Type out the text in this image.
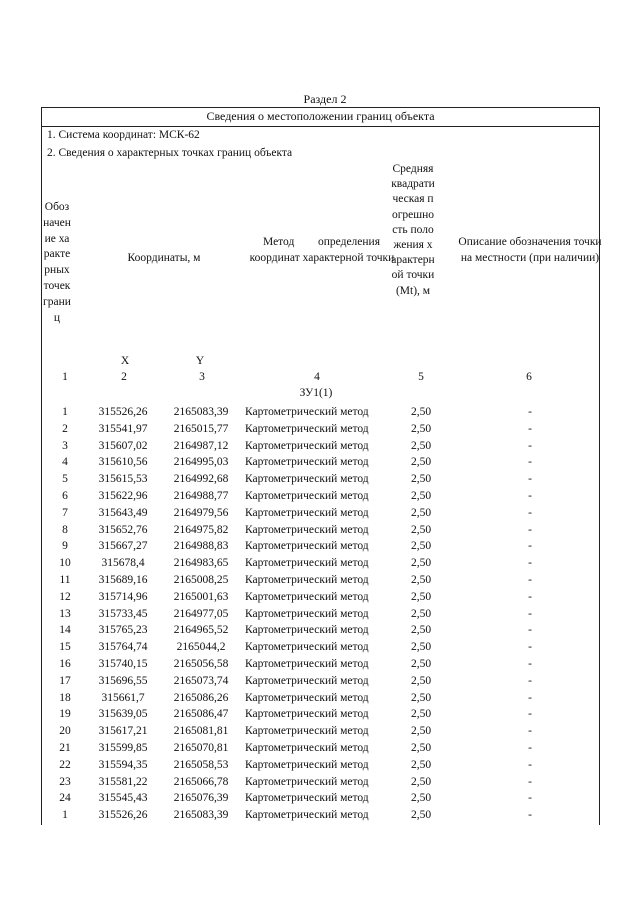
Раздел 2
Сведения о местоположении границ объекта
1. Система координат: МСК-62
2. Сведения о характерных точках границ объекта
Обозначение характерных точек границ
Координаты, м
Метод определения
координат характерной точки
Средняя квадратическая погрешность положения характерной точки (Mt), м
Описание обозначения точки на местности (при наличии)
X	Y
1	2	3	4	5	6
ЗУ1(1)
1	315526,26	2165083,39	Картометрический метод	2,50	-
2	315541,97	2165015,77	Картометрический метод	2,50	-
3	315607,02	2164987,12	Картометрический метод	2,50	-
4	315610,56	2164995,03	Картометрический метод	2,50	-
5	315615,53	2164992,68	Картометрический метод	2,50	-
6	315622,96	2164988,77	Картометрический метод	2,50	-
7	315643,49	2164979,56	Картометрический метод	2,50	-
8	315652,76	2164975,82	Картометрический метод	2,50	-
9	315667,27	2164988,83	Картометрический метод	2,50	-
10	315678,4	2164983,65	Картометрический метод	2,50	-
11	315689,16	2165008,25	Картометрический метод	2,50	-
12	315714,96	2165001,63	Картометрический метод	2,50	-
13	315733,45	2164977,05	Картометрический метод	2,50	-
14	315765,23	2164965,52	Картометрический метод	2,50	-
15	315764,74	2165044,2	Картометрический метод	2,50	-
16	315740,15	2165056,58	Картометрический метод	2,50	-
17	315696,55	2165073,74	Картометрический метод	2,50	-
18	315661,7	2165086,26	Картометрический метод	2,50	-
19	315639,05	2165086,47	Картометрический метод	2,50	-
20	315617,21	2165081,81	Картометрический метод	2,50	-
21	315599,85	2165070,81	Картометрический метод	2,50	-
22	315594,35	2165058,53	Картометрический метод	2,50	-
23	315581,22	2165066,78	Картометрический метод	2,50	-
24	315545,43	2165076,39	Картометрический метод	2,50	-
1	315526,26	2165083,39	Картометрический метод	2,50	-
